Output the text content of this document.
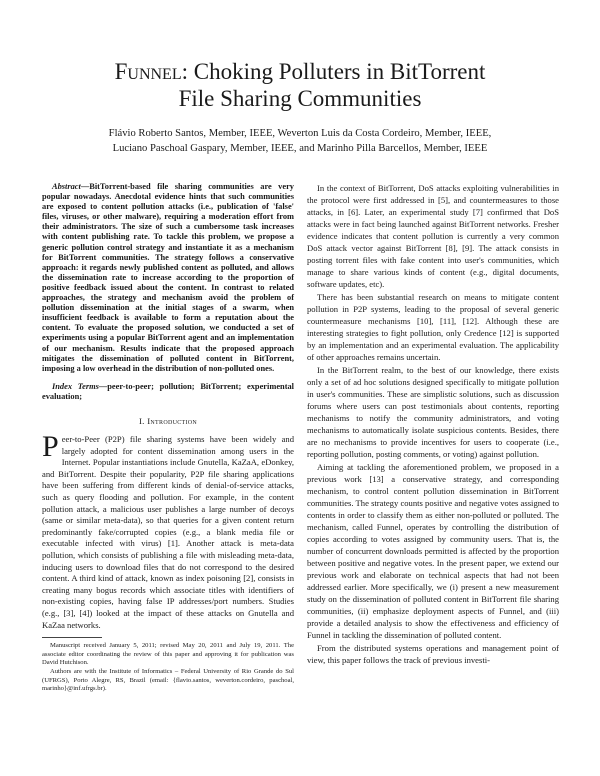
Funnel: Choking Polluters in BitTorrent
File Sharing Communities
Flávio Roberto Santos, Member, IEEE, Weverton Luis da Costa Cordeiro, Member, IEEE,
Luciano Paschoal Gaspary, Member, IEEE, and Marinho Pilla Barcellos, Member, IEEE

Abstract—BitTorrent-based file sharing communities are very popular nowadays. Anecdotal evidence hints that such communities are exposed to content pollution attacks (i.e., publication of 'false' files, viruses, or other malware), requiring a moderation effort from their administrators. The size of such a cumbersome task increases with content publishing rate. To tackle this problem, we propose a generic pollution control strategy and instantiate it as a mechanism for BitTorrent communities. The strategy follows a conservative approach: it regards newly published content as polluted, and allows the dissemination rate to increase according to the proportion of positive feedback issued about the content. In contrast to related approaches, the strategy and mechanism avoid the problem of pollution dissemination at the initial stages of a swarm, when insufficient feedback is available to form a reputation about the content. To evaluate the proposed solution, we conducted a set of experiments using a popular BitTorrent agent and an implementation of our mechanism. Results indicate that the proposed approach mitigates the dissemination of polluted content in BitTorrent, imposing a low overhead in the distribution of non-polluted ones.

Index Terms—peer-to-peer; pollution; BitTorrent; experimental evaluation;

I. Introduction
Peer-to-Peer (P2P) file sharing systems have been widely and largely adopted for content dissemination among users in the Internet. Popular instantiations include Gnutella, KaZaA, eDonkey, and BitTorrent. Despite their popularity, P2P file sharing applications have been suffering from different kinds of denial-of-service attacks, such as query flooding and pollution. For example, in the content pollution attack, a malicious user publishes a large number of decoys (same or similar meta-data), so that queries for a given content return predominantly fake/corrupted copies (e.g., a blank media file or executable infected with virus) [1]. Another attack is meta-data pollution, which consists of publishing a file with misleading meta-data, inducing users to download files that do not correspond to the desired content. A third kind of attack, known as index poisoning [2], consists in creating many bogus records which associate titles with identifiers of non-existing copies, having false IP addresses/port numbers. Studies (e.g., [3], [4]) looked at the impact of these attacks on Gnutella and KaZaa networks.

Manuscript received January 5, 2011; revised May 20, 2011 and July 19, 2011. The associate editor coordinating the review of this paper and approving it for publication was David Hutchison.

Authors are with the Institute of Informatics – Federal University of Rio Grande do Sul (UFRGS), Porto Alegre, RS, Brazil (email: {flavio.santos, weverton.cordeiro, paschoal, marinho}@inf.ufrgs.br).

In the context of BitTorrent, DoS attacks exploiting vulnerabilities in the protocol were first addressed in [5], and countermeasures to those attacks, in [6]. Later, an experimental study [7] confirmed that DoS attacks were in fact being launched against BitTorrent networks. Fresher evidence indicates that content pollution is currently a very common DoS attack vector against BitTorrent [8], [9]. The attack consists in posting torrent files with fake content into user's communities, which manage to share various kinds of content (e.g., digital documents, software updates, etc).

There has been substantial research on means to mitigate content pollution in P2P systems, leading to the proposal of several generic countermeasure mechanisms [10], [11], [12]. Although these are interesting strategies to fight pollution, only Credence [12] is supported by an implementation and an experimental evaluation. The applicability of other approaches remains uncertain.

In the BitTorrent realm, to the best of our knowledge, there exists only a set of ad hoc solutions designed specifically to mitigate pollution in user's communities. These are simplistic solutions, such as discussion forums where users can post testimonials about contents, reporting mechanisms to notify the community administrators, and voting mechanisms to automatically isolate suspicious contents. Besides, there are no mechanisms to provide incentives for users to cooperate (i.e., reporting pollution, posting comments, or voting) against pollution.

Aiming at tackling the aforementioned problem, we proposed in a previous work [13] a conservative strategy, and corresponding mechanism, to control content pollution dissemination in BitTorrent communities. The strategy counts positive and negative votes assigned to contents in order to classify them as either non-polluted or polluted. The mechanism, called Funnel, operates by controlling the distribution of copies according to votes assigned by community users. That is, the number of concurrent downloads permitted is affected by the proportion between positive and negative votes. In the present paper, we extend our previous work and elaborate on technical aspects that had not been addressed earlier. More specifically, we (i) present a new measurement study on the dissemination of polluted content in BitTorrent file sharing communities, (ii) emphasize deployment aspects of Funnel, and (iii) provide a detailed analysis to show the effectiveness and efficiency of Funnel in tackling the dissemination of polluted content.

From the distributed systems operations and management point of view, this paper follows the track of previous investi-
